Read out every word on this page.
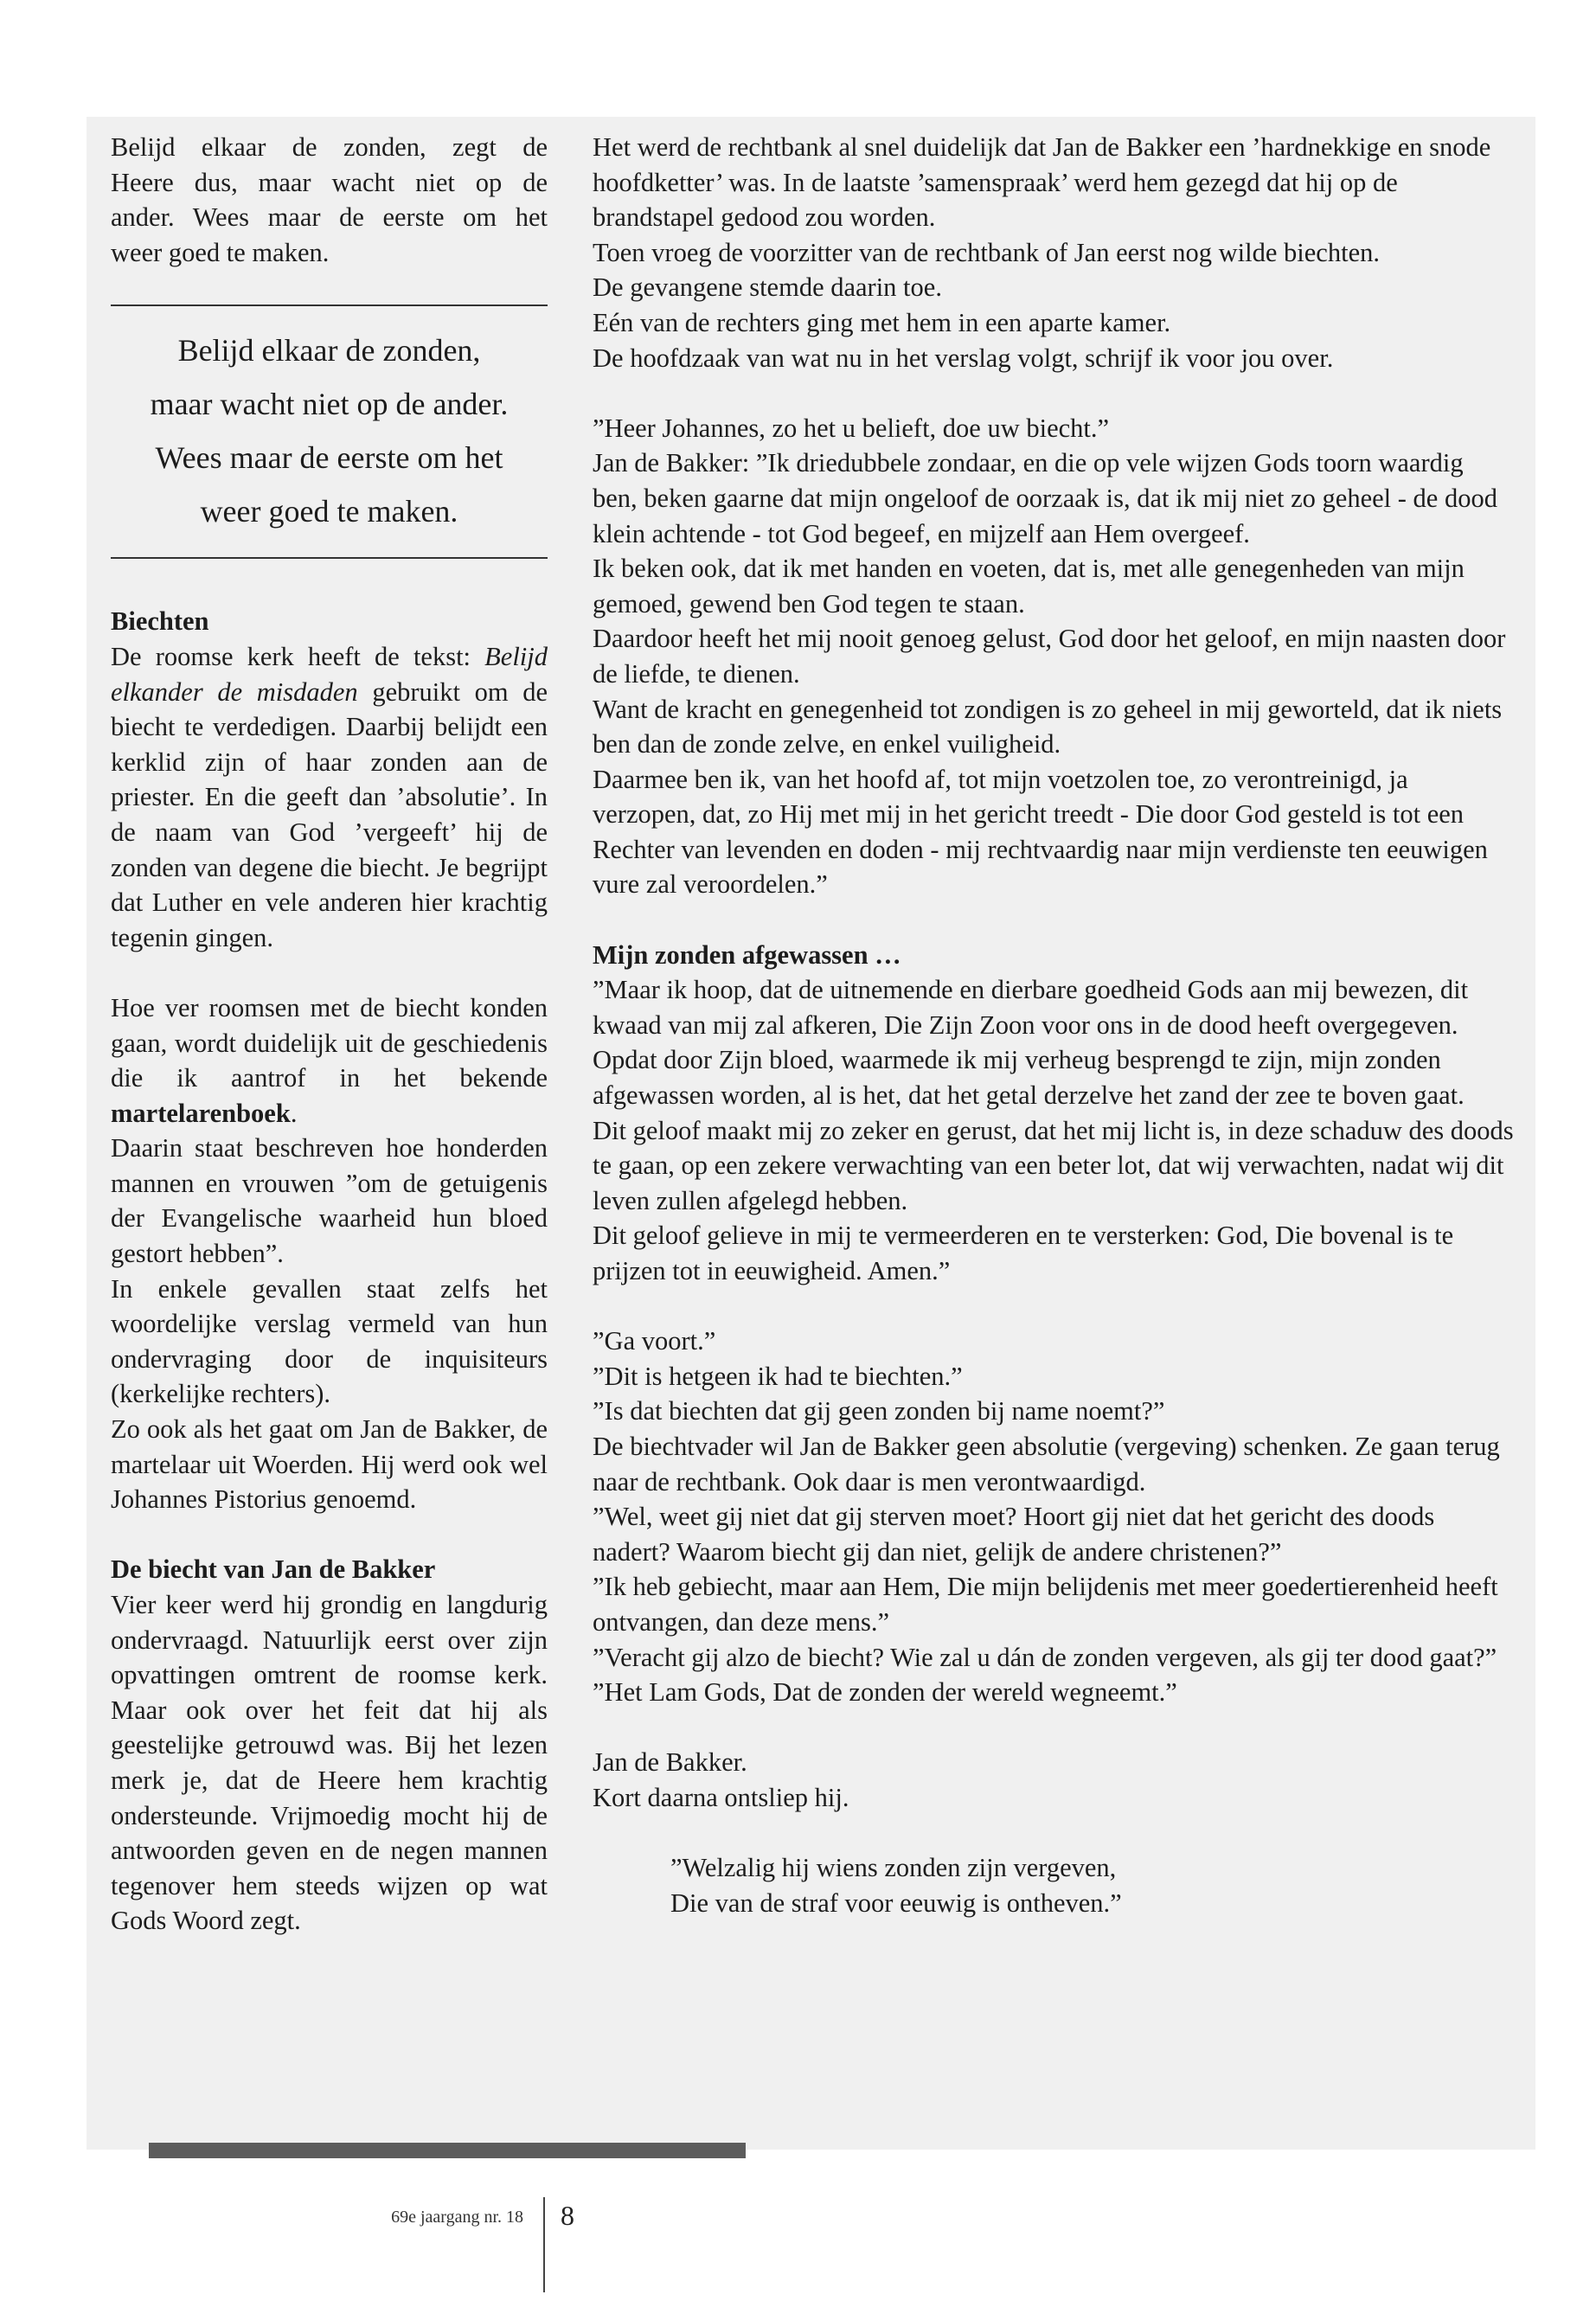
Belijd elkaar de zonden, zegt de

Heere dus, maar wacht niet op de

ander. Wees maar de eerste om het

weer goed te maken.

Belijd elkaar de zonden,

maar wacht niet op de ander.

Wees maar de eerste om het

weer goed te maken.

Biechten

De roomse kerk heeft de tekst: Belijd elkander de misdaden gebruikt om de biecht te verdedigen. Daarbij belijdt een kerklid zijn of haar zonden aan de priester. En die geeft dan ’absolutie’. In de naam van God ’vergeeft’ hij de zonden van degene die biecht. Je begrijpt dat Luther en vele anderen hier krachtig tegenin gingen.

Hoe ver roomsen met de biecht konden gaan, wordt duidelijk uit de geschiedenis die ik aantrof in het bekende martelarenboek.

Daarin staat beschreven hoe honderden mannen en vrouwen ”om de getuigenis der Evangelische waarheid hun bloed gestort hebben”.

In enkele gevallen staat zelfs het woordelijke verslag vermeld van hun ondervraging door de inquisiteurs (kerkelijke rechters).

Zo ook als het gaat om Jan de Bakker, de martelaar uit Woerden. Hij werd ook wel Johannes Pistorius genoemd.

De biecht van Jan de Bakker

Vier keer werd hij grondig en langdurig ondervraagd. Natuurlijk eerst over zijn opvattingen omtrent de roomse kerk. Maar ook over het feit dat hij als geestelijke getrouwd was. Bij het lezen merk je, dat de Heere hem krachtig ondersteunde. Vrijmoedig mocht hij de antwoorden geven en de negen mannen tegenover hem steeds wijzen op wat Gods Woord zegt.

Het werd de rechtbank al snel duidelijk dat Jan de Bakker een ’hardnekkige en snode hoofdketter’ was. In de laatste ’samenspraak’ werd hem gezegd dat hij op de brandstapel gedood zou worden.

Toen vroeg de voorzitter van de rechtbank of Jan eerst nog wilde biechten.

De gevangene stemde daarin toe.

Eén van de rechters ging met hem in een aparte kamer.

De hoofdzaak van wat nu in het verslag volgt, schrijf ik voor jou over.

”Heer Johannes, zo het u belieft, doe uw biecht.”

Jan de Bakker: ”Ik driedubbele zondaar, en die op vele wijzen Gods toorn waardig ben, beken gaarne dat mijn ongeloof de oorzaak is, dat ik mij niet zo geheel - de dood klein achtende - tot God begeef, en mijzelf aan Hem overgeef.

Ik beken ook, dat ik met handen en voeten, dat is, met alle genegenheden van mijn gemoed, gewend ben God tegen te staan.

Daardoor heeft het mij nooit genoeg gelust, God door het geloof, en mijn naasten door de liefde, te dienen.

Want de kracht en genegenheid tot zondigen is zo geheel in mij geworteld, dat ik niets ben dan de zonde zelve, en enkel vuiligheid.

Daarmee ben ik, van het hoofd af, tot mijn voetzolen toe, zo verontreinigd, ja verzopen, dat, zo Hij met mij in het gericht treedt - Die door God gesteld is tot een Rechter van levenden en doden - mij rechtvaardig naar mijn verdienste ten eeuwigen vure zal veroordelen.”

Mijn zonden afgewassen …

”Maar ik hoop, dat de uitnemende en dierbare goedheid Gods aan mij bewezen, dit kwaad van mij zal afkeren, Die Zijn Zoon voor ons in de dood heeft overgegeven.

Opdat door Zijn bloed, waarmede ik mij verheug besprengd te zijn, mijn zonden afgewassen worden, al is het, dat het getal derzelve het zand der zee te boven gaat.

Dit geloof maakt mij zo zeker en gerust, dat het mij licht is, in deze schaduw des doods te gaan, op een zekere verwachting van een beter lot, dat wij verwachten, nadat wij dit leven zullen afgelegd hebben.

Dit geloof gelieve in mij te vermeerderen en te versterken: God, Die bovenal is te prijzen tot in eeuwigheid. Amen.”

”Ga voort.”

”Dit is hetgeen ik had te biechten.”

”Is dat biechten dat gij geen zonden bij name noemt?”

De biechtvader wil Jan de Bakker geen absolutie (vergeving) schenken. Ze gaan terug naar de rechtbank. Ook daar is men verontwaardigd.

”Wel, weet gij niet dat gij sterven moet? Hoort gij niet dat het gericht des doods nadert? Waarom biecht gij dan niet, gelijk de andere christenen?”

”Ik heb gebiecht, maar aan Hem, Die mijn belijdenis met meer goedertierenheid heeft ontvangen, dan deze mens.”

”Veracht gij alzo de biecht? Wie zal u dán de zonden vergeven, als gij ter dood gaat?”

”Het Lam Gods, Dat de zonden der wereld wegneemt.”

Jan de Bakker.

Kort daarna ontsliep hij.

”Welzalig hij wiens zonden zijn vergeven,

Die van de straf voor eeuwig is ontheven.”

69e jaargang nr. 18 8
